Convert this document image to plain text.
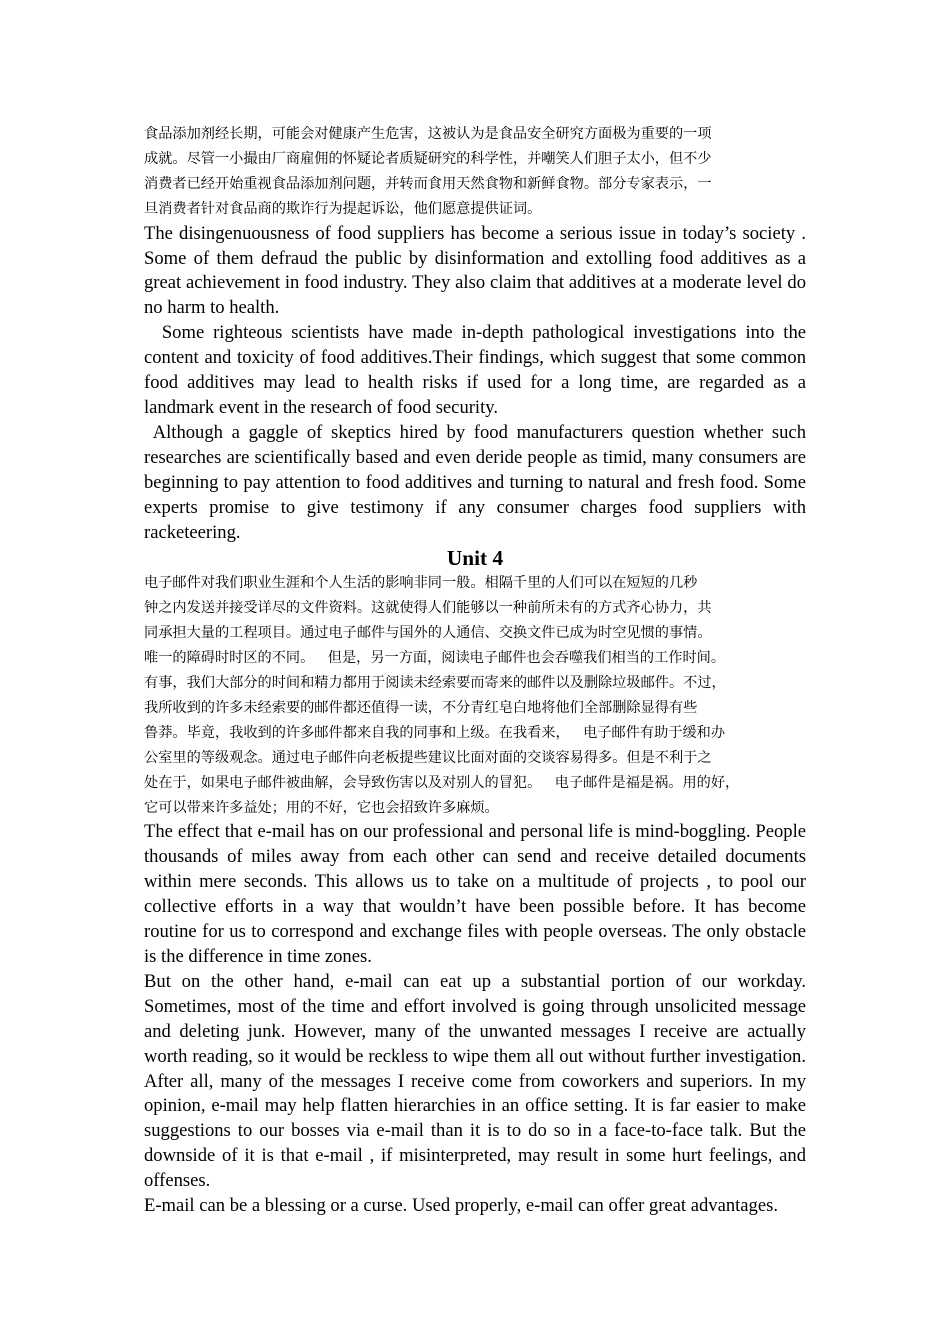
食品添加剂经长期，可能会对健康产生危害，这被认为是食品安全研究方面极为重要的一项
成就。尽管一小撮由厂商雇佣的怀疑论者质疑研究的科学性，并嘲笑人们胆子太小，但不少
消费者已经开始重视食品添加剂问题，并转而食用天然食物和新鲜食物。部分专家表示，一
旦消费者针对食品商的欺诈行为提起诉讼，他们愿意提供证词。

The disingenuousness of food suppliers has become a serious issue in today’s society . Some of them defraud the public by disinformation and extolling food additives as a great achievement in food industry. They also claim that additives at a moderate level do no harm to health.

Some righteous scientists have made in-depth pathological investigations into the content and toxicity of food additives.Their findings, which suggest that some common food additives may lead to health risks if used for a long time, are regarded as a landmark event in the research of food security.

Although a gaggle of skeptics hired by food manufacturers question whether such researches are scientifically based and even deride people as timid, many consumers are beginning to pay attention to food additives and turning to natural and fresh food. Some experts promise to give testimony if any consumer charges food suppliers with racketeering.

Unit 4
电子邮件对我们职业生涯和个人生活的影响非同一般。相隔千里的人们可以在短短的几秒
钟之内发送并接受详尽的文件资料。这就使得人们能够以一种前所未有的方式齐心协力，共
同承担大量的工程项目。通过电子邮件与国外的人通信、交换文件已成为时空见惯的事情。
唯一的障碍时时区的不同。   但是，另一方面，阅读电子邮件也会吞噬我们相当的工作时间。
有事，我们大部分的时间和精力都用于阅读未经索要而寄来的邮件以及删除垃圾邮件。不过，
我所收到的许多未经索要的邮件都还值得一读，不分青红皂白地将他们全部删除显得有些
鲁莽。毕竟，我收到的许多邮件都来自我的同事和上级。在我看来，   电子邮件有助于缓和办
公室里的等级观念。通过电子邮件向老板提些建议比面对面的交谈容易得多。但是不利于之
处在于，如果电子邮件被曲解，会导致伤害以及对别人的冒犯。   电子邮件是福是祸。用的好，
它可以带来许多益处；用的不好，它也会招致许多麻烦。

The effect that e-mail has on our professional and personal life is mind-boggling. People thousands of miles away from each other can send and receive detailed documents within mere seconds. This allows us to take on a multitude of projects , to pool our collective efforts in a way that wouldn’t have been possible before. It has become routine for us to correspond and exchange files with people overseas. The only obstacle is the difference in time zones.

But on the other hand, e-mail can eat up a substantial portion of our workday. Sometimes, most of the time and effort involved is going through unsolicited message and deleting junk. However, many of the unwanted messages I receive are actually worth reading, so it would be reckless to wipe them all out without further investigation. After all, many of the messages I receive come from coworkers and superiors. In my opinion, e-mail may help flatten hierarchies in an office setting. It is far easier to make suggestions to our bosses via e-mail than it is to do so in a face-to-face talk. But the downside of it is that e-mail , if misinterpreted, may result in some hurt feelings, and offenses.

E-mail can be a blessing or a curse. Used properly, e-mail can offer great advantages.
